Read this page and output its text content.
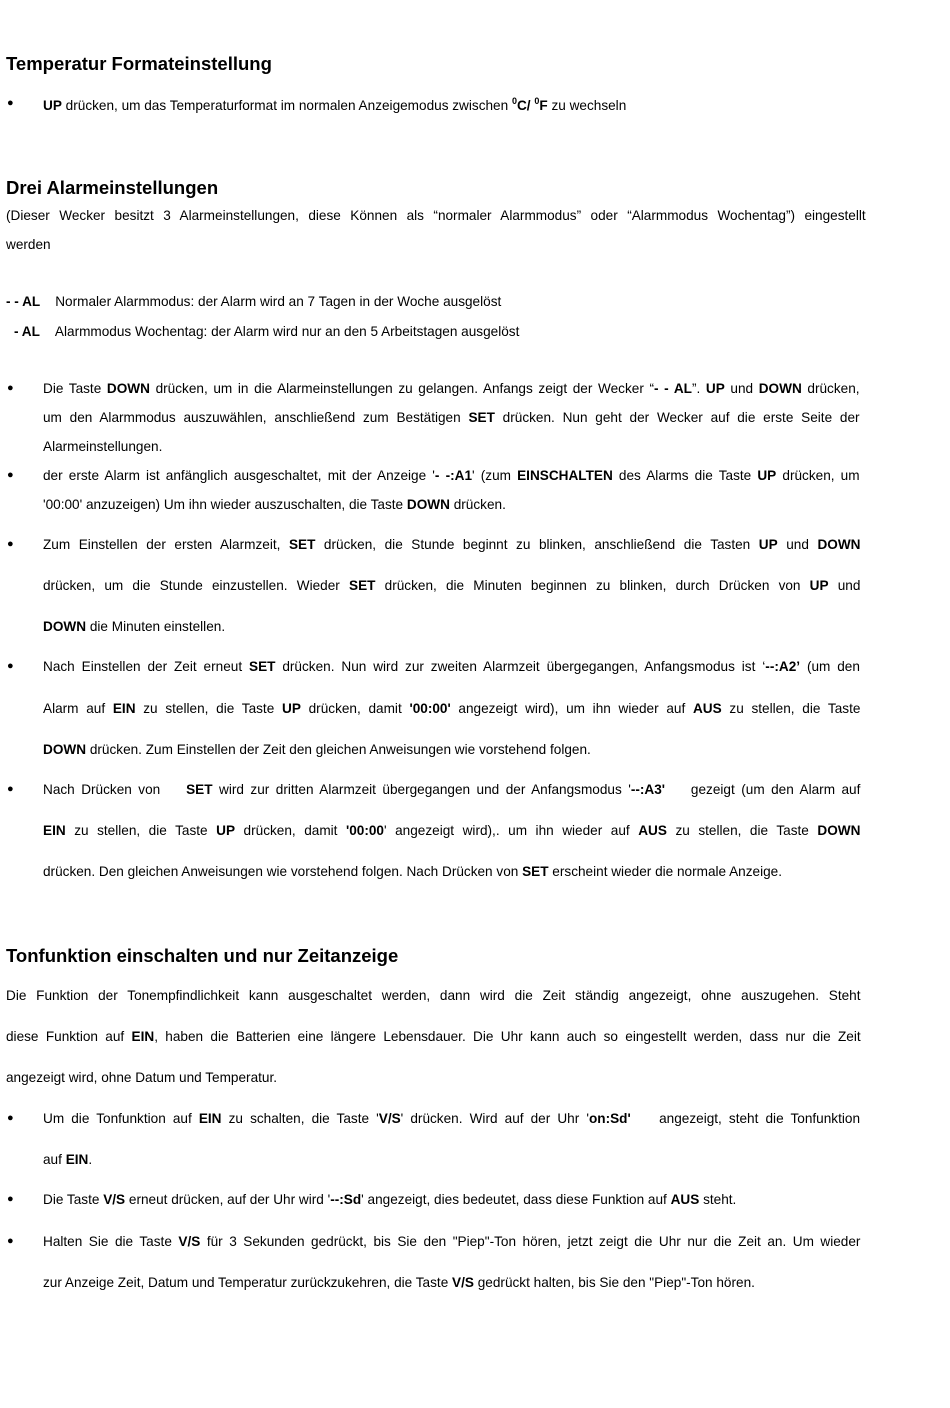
Temperatur Formateinstellung
● UP drücken, um das Temperaturformat im normalen Anzeigemodus zwischen $^0$C/ $^0$F zu wechseln
Drei Alarmeinstellungen
(Dieser Wecker besitzt 3 Alarmeinstellungen, diese Können als “normaler Alarmmodus” oder “Alarmmodus Wochentag”) eingestellt
werden
- - AL Normaler Alarmmodus: der Alarm wird an 7 Tagen in der Woche ausgelöst
- AL Alarmmodus Wochentag: der Alarm wird nur an den 5 Arbeitstagen ausgelöst
● Die Taste DOWN drücken, um in die Alarmeinstellungen zu gelangen. Anfangs zeigt der Wecker “- - AL”. UP und DOWN drücken,
um den Alarmmodus auszuwählen, anschließend zum Bestätigen SET drücken. Nun geht der Wecker auf die erste Seite der
Alarmeinstellungen.
● der erste Alarm ist anfänglich ausgeschaltet, mit der Anzeige '- -:A1' (zum EINSCHALTEN des Alarms die Taste UP drücken, um
'00:00' anzuzeigen) Um ihn wieder auszuschalten, die Taste DOWN drücken.
● Zum Einstellen der ersten Alarmzeit, SET drücken, die Stunde beginnt zu blinken, anschließend die Tasten UP und DOWN
drücken, um die Stunde einzustellen. Wieder SET drücken, die Minuten beginnen zu blinken, durch Drücken von UP und
DOWN die Minuten einstellen.
● Nach Einstellen der Zeit erneut SET drücken. Nun wird zur zweiten Alarmzeit übergegangen, Anfangsmodus ist ‘--:A2’ (um den
Alarm auf EIN zu stellen, die Taste UP drücken, damit '00:00' angezeigt wird), um ihn wieder auf AUS zu stellen, die Taste
DOWN drücken. Zum Einstellen der Zeit den gleichen Anweisungen wie vorstehend folgen.
● Nach Drücken von    SET wird zur dritten Alarmzeit übergegangen und der Anfangsmodus '--:A3'    gezeigt (um den Alarm auf
EIN zu stellen, die Taste UP drücken, damit '00:00' angezeigt wird),. um ihn wieder auf AUS zu stellen, die Taste DOWN
drücken. Den gleichen Anweisungen wie vorstehend folgen. Nach Drücken von SET erscheint wieder die normale Anzeige.
Tonfunktion einschalten und nur Zeitanzeige
Die Funktion der Tonempfindlichkeit kann ausgeschaltet werden, dann wird die Zeit ständig angezeigt, ohne auszugehen. Steht
diese Funktion auf EIN, haben die Batterien eine längere Lebensdauer. Die Uhr kann auch so eingestellt werden, dass nur die Zeit
angezeigt wird, ohne Datum und Temperatur.
● Um die Tonfunktion auf EIN zu schalten, die Taste 'V/S' drücken. Wird auf der Uhr 'on:Sd'    angezeigt, steht die Tonfunktion
auf EIN.
● Die Taste V/S erneut drücken, auf der Uhr wird '--:Sd' angezeigt, dies bedeutet, dass diese Funktion auf AUS steht.
● Halten Sie die Taste V/S für 3 Sekunden gedrückt, bis Sie den "Piep"-Ton hören, jetzt zeigt die Uhr nur die Zeit an. Um wieder
zur Anzeige Zeit, Datum und Temperatur zurückzukehren, die Taste V/S gedrückt halten, bis Sie den "Piep"-Ton hören.
